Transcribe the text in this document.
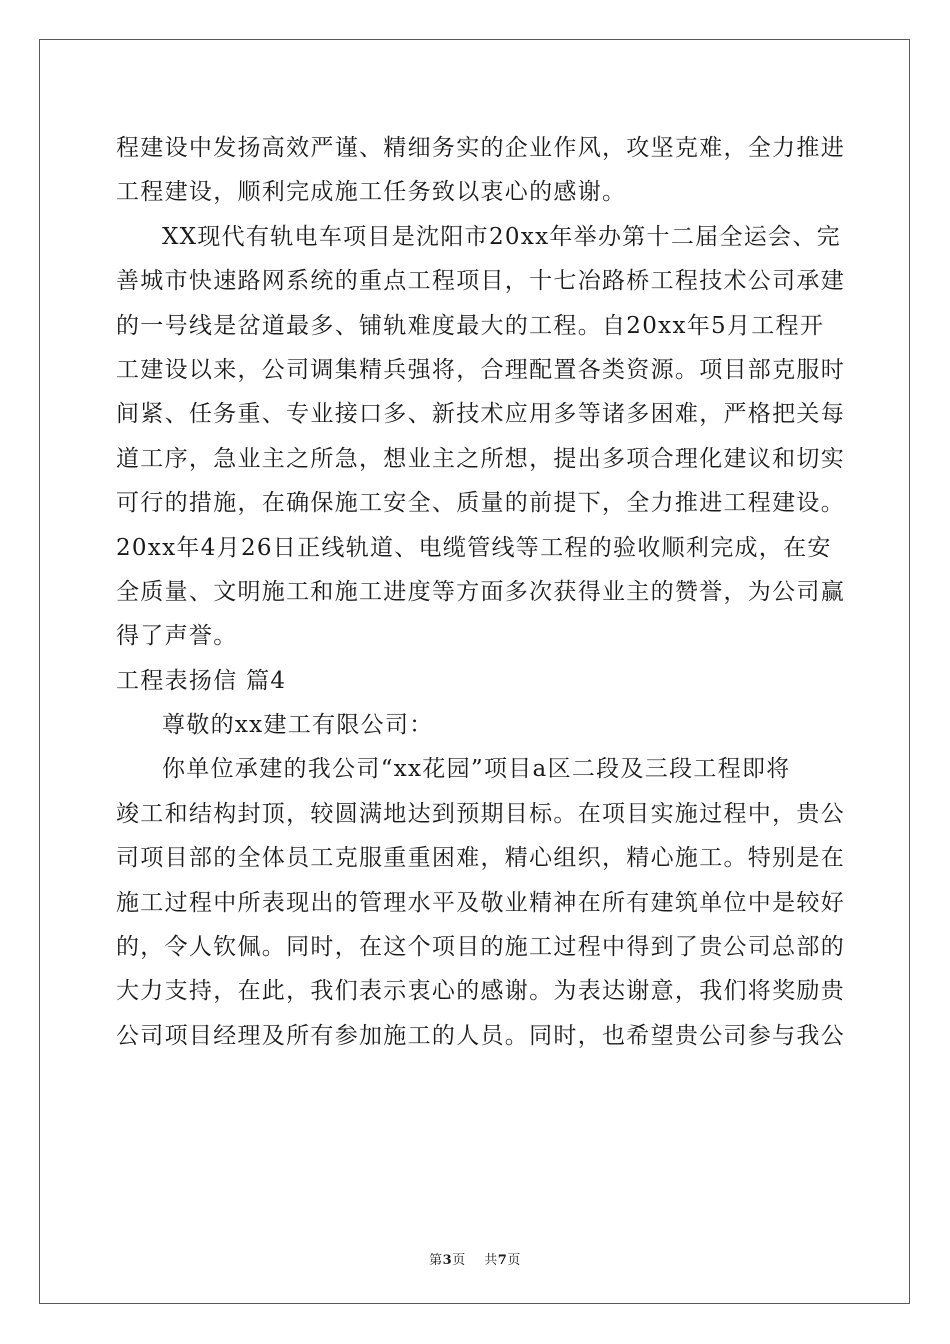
程建设中发扬高效严谨、精细务实的企业作风，攻坚克难，全力推进
工程建设，顺利完成施工任务致以衷心的感谢。
XX现代有轨电车项目是沈阳市20xx年举办第十二届全运会、完
善城市快速路网系统的重点工程项目，十七冶路桥工程技术公司承建
的一号线是岔道最多、铺轨难度最大的工程。自20xx年5月工程开
工建设以来，公司调集精兵强将，合理配置各类资源。项目部克服时
间紧、任务重、专业接口多、新技术应用多等诸多困难，严格把关每
道工序，急业主之所急，想业主之所想，提出多项合理化建议和切实
可行的措施，在确保施工安全、质量的前提下，全力推进工程建设。
20xx年4月26日正线轨道、电缆管线等工程的验收顺利完成，在安
全质量、文明施工和施工进度等方面多次获得业主的赞誉，为公司赢
得了声誉。
工程表扬信 篇4
尊敬的xx建工有限公司：
你单位承建的我公司“xx花园”项目a区二段及三段工程即将
竣工和结构封顶，较圆满地达到预期目标。在项目实施过程中，贵公
司项目部的全体员工克服重重困难，精心组织，精心施工。特别是在
施工过程中所表现出的管理水平及敬业精神在所有建筑单位中是较好
的，令人钦佩。同时，在这个项目的施工过程中得到了贵公司总部的
大力支持，在此，我们表示衷心的感谢。为表达谢意，我们将奖励贵
公司项目经理及所有参加施工的人员。同时，也希望贵公司参与我公
第3页 共7页
